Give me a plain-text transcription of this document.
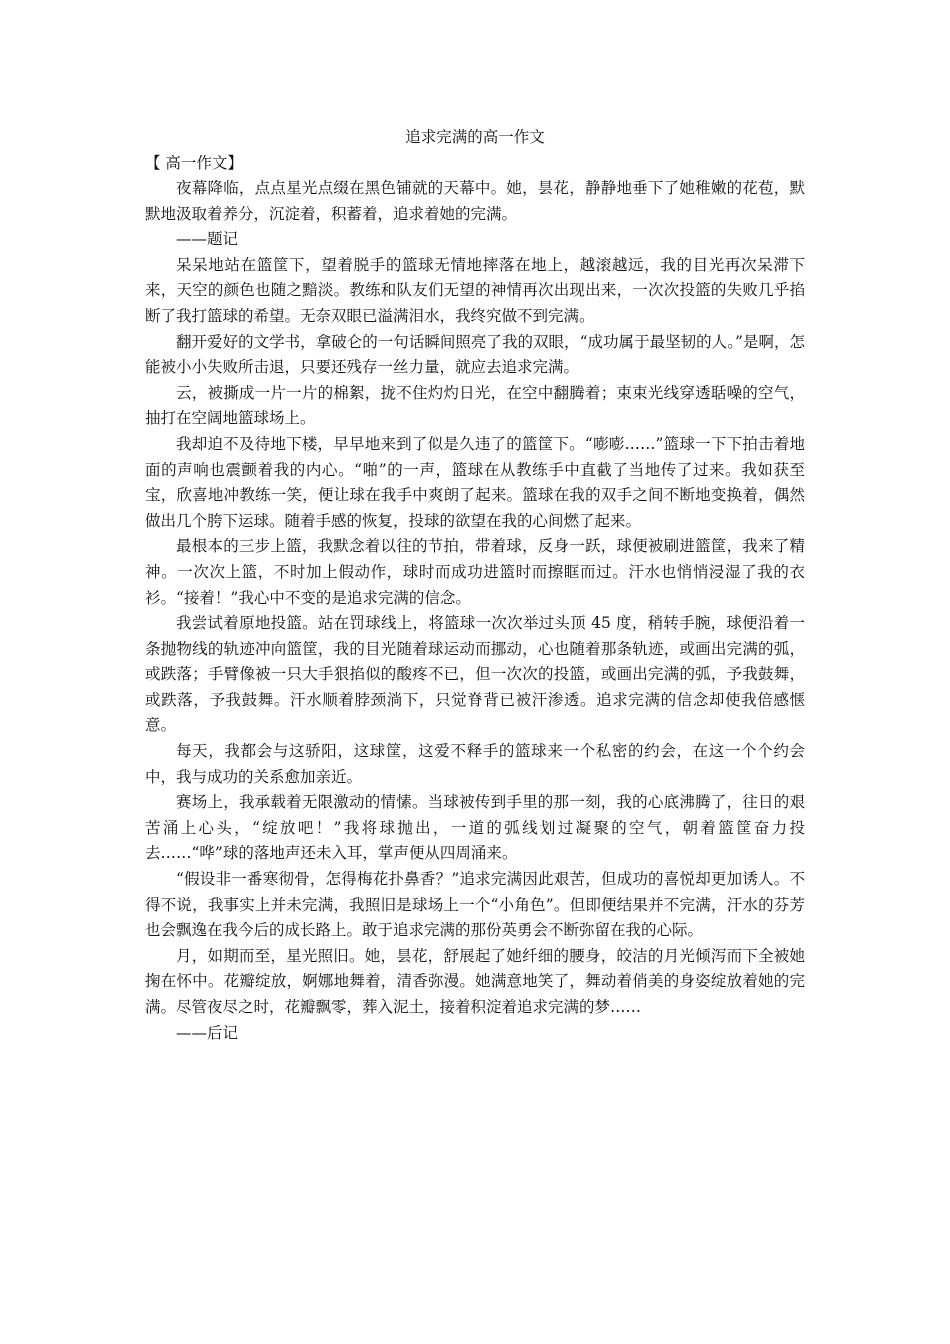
追求完满的高一作文

【 高一作文】

夜幕降临，点点星光点缀在黑色铺就的天幕中。她，昙花，静静地垂下了她稚嫩的花苞，默默地汲取着养分，沉淀着，积蓄着，追求着她的完满。

——题记

呆呆地站在篮筐下，望着脱手的篮球无情地摔落在地上，越滚越远，我的目光再次呆滞下来，天空的颜色也随之黯淡。教练和队友们无望的神情再次出现出来，一次次投篮的失败几乎掐断了我打篮球的希望。无奈双眼已溢满泪水，我终究做不到完满。

翻开爱好的文学书，拿破仑的一句话瞬间照亮了我的双眼，“成功属于最坚韧的人。”是啊，怎能被小小失败所击退，只要还残存一丝力量，就应去追求完满。

云，被撕成一片一片的棉絮，拢不住灼灼日光，在空中翻腾着；束束光线穿透聒噪的空气，抽打在空阔地篮球场上。

我却迫不及待地下楼，早早地来到了似是久违了的篮筐下。“嘭嘭……”篮球一下下拍击着地面的声响也震颤着我的内心。“啪”的一声，篮球在从教练手中直截了当地传了过来。我如获至宝，欣喜地冲教练一笑，便让球在我手中爽朗了起来。篮球在我的双手之间不断地变换着，偶然做出几个胯下运球。随着手感的恢复，投球的欲望在我的心间燃了起来。

最根本的三步上篮，我默念着以往的节拍，带着球，反身一跃，球便被刷进篮筐，我来了精神。一次次上篮，不时加上假动作，球时而成功进篮时而擦眶而过。汗水也悄悄浸湿了我的衣衫。“接着！”我心中不变的是追求完满的信念。

我尝试着原地投篮。站在罚球线上，将篮球一次次举过头顶 45 度，稍转手腕，球便沿着一条抛物线的轨迹冲向篮筐，我的目光随着球运动而挪动，心也随着那条轨迹，或画出完满的弧，或跌落；手臂像被一只大手狠掐似的酸疼不已，但一次次的投篮，或画出完满的弧，予我鼓舞，或跌落，予我鼓舞。汗水顺着脖颈淌下，只觉脊背已被汗渗透。追求完满的信念却使我倍感惬意。

每天，我都会与这骄阳，这球筐，这爱不释手的篮球来一个私密的约会，在这一个个约会中，我与成功的关系愈加亲近。

赛场上，我承载着无限激动的情愫。当球被传到手里的那一刻，我的心底沸腾了，往日的艰苦涌上心头，“绽放吧！”我将球抛出，一道的弧线划过凝聚的空气，朝着篮筐奋力投去……“哗”球的落地声还未入耳，掌声便从四周涌来。

“假设非一番寒彻骨，怎得梅花扑鼻香？”追求完满因此艰苦，但成功的喜悦却更加诱人。不得不说，我事实上并未完满，我照旧是球场上一个“小角色”。但即便结果并不完满，汗水的芬芳也会飘逸在我今后的成长路上。敢于追求完满的那份英勇会不断弥留在我的心际。

月，如期而至，星光照旧。她，昙花，舒展起了她纤细的腰身，皎洁的月光倾泻而下全被她掬在怀中。花瓣绽放，婀娜地舞着，清香弥漫。她满意地笑了，舞动着俏美的身姿绽放着她的完满。尽管夜尽之时，花瓣飘零，葬入泥土，接着积淀着追求完满的梦……

——后记
